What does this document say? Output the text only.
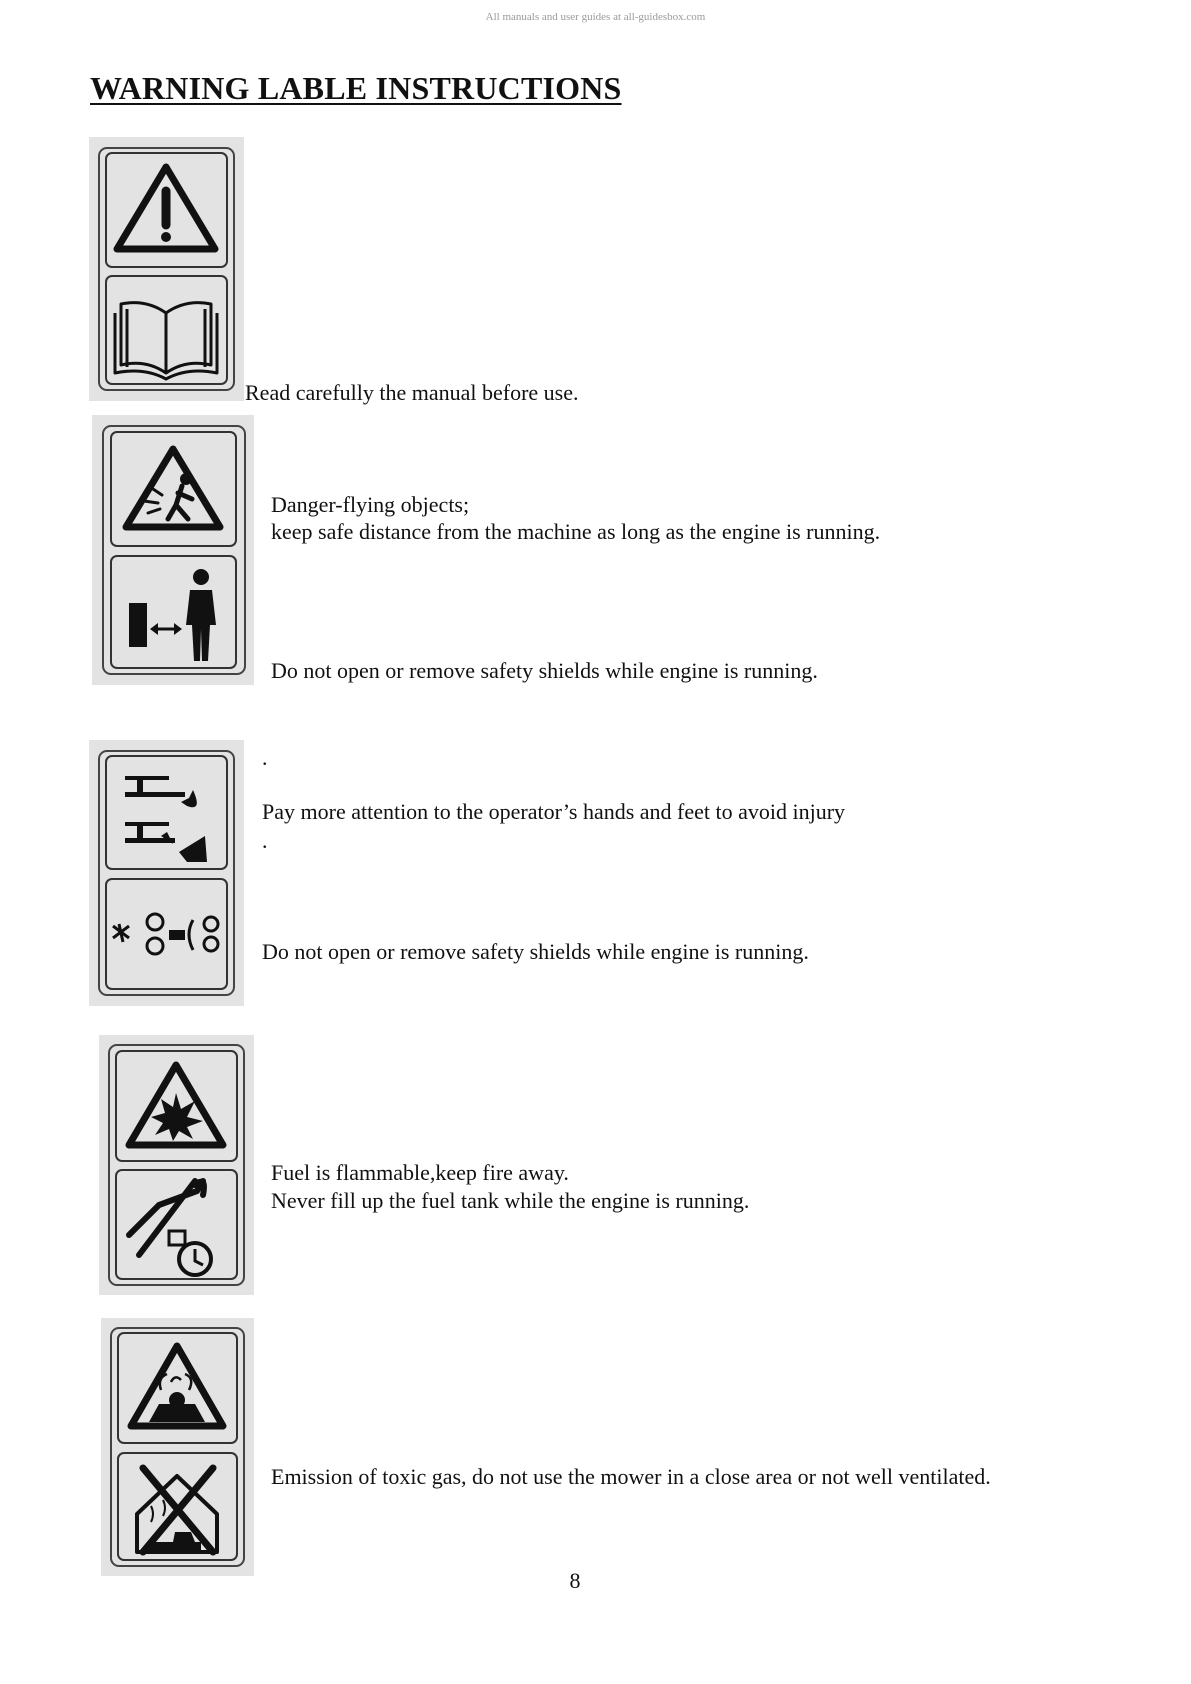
All manuals and user guides at all-guidesbox.com
WARNING LABLE INSTRUCTIONS

Read carefully the manual before use.

Danger-flying objects;

keep safe distance from the machine as long as the engine is running.

Do not open or remove safety shields while engine is running.

.

Pay more attention to the operator’s hands and feet to avoid injury

.

Do not open or remove safety shields while engine is running.

Fuel is flammable,keep fire away.

Never fill up the fuel tank while the engine is running.

Emission of toxic gas, do not use the mower in a close area or not well ventilated.

8
